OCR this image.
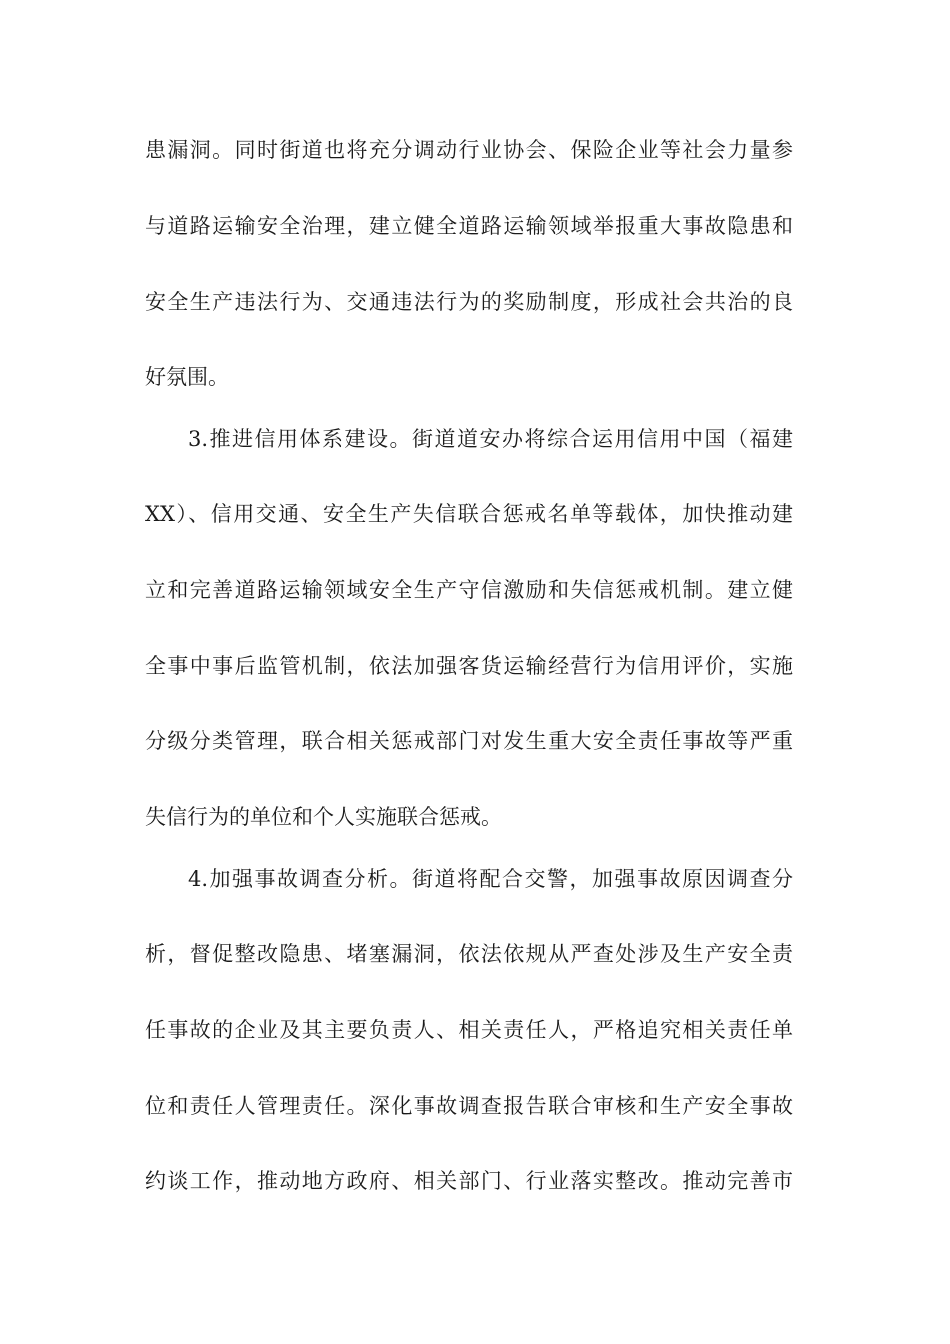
患漏洞。同时街道也将充分调动行业协会、保险企业等社会力量参
与道路运输安全治理，建立健全道路运输领域举报重大事故隐患和
安全生产违法行为、交通违法行为的奖励制度，形成社会共治的良
好氛围。
3.推进信用体系建设。街道道安办将综合运用信用中国（福建
XX）、信用交通、安全生产失信联合惩戒名单等载体，加快推动建
立和完善道路运输领域安全生产守信激励和失信惩戒机制。建立健
全事中事后监管机制，依法加强客货运输经营行为信用评价，实施
分级分类管理，联合相关惩戒部门对发生重大安全责任事故等严重
失信行为的单位和个人实施联合惩戒。
4.加强事故调查分析。街道将配合交警，加强事故原因调查分
析，督促整改隐患、堵塞漏洞，依法依规从严查处涉及生产安全责
任事故的企业及其主要负责人、相关责任人，严格追究相关责任单
位和责任人管理责任。深化事故调查报告联合审核和生产安全事故
约谈工作，推动地方政府、相关部门、行业落实整改。推动完善市
